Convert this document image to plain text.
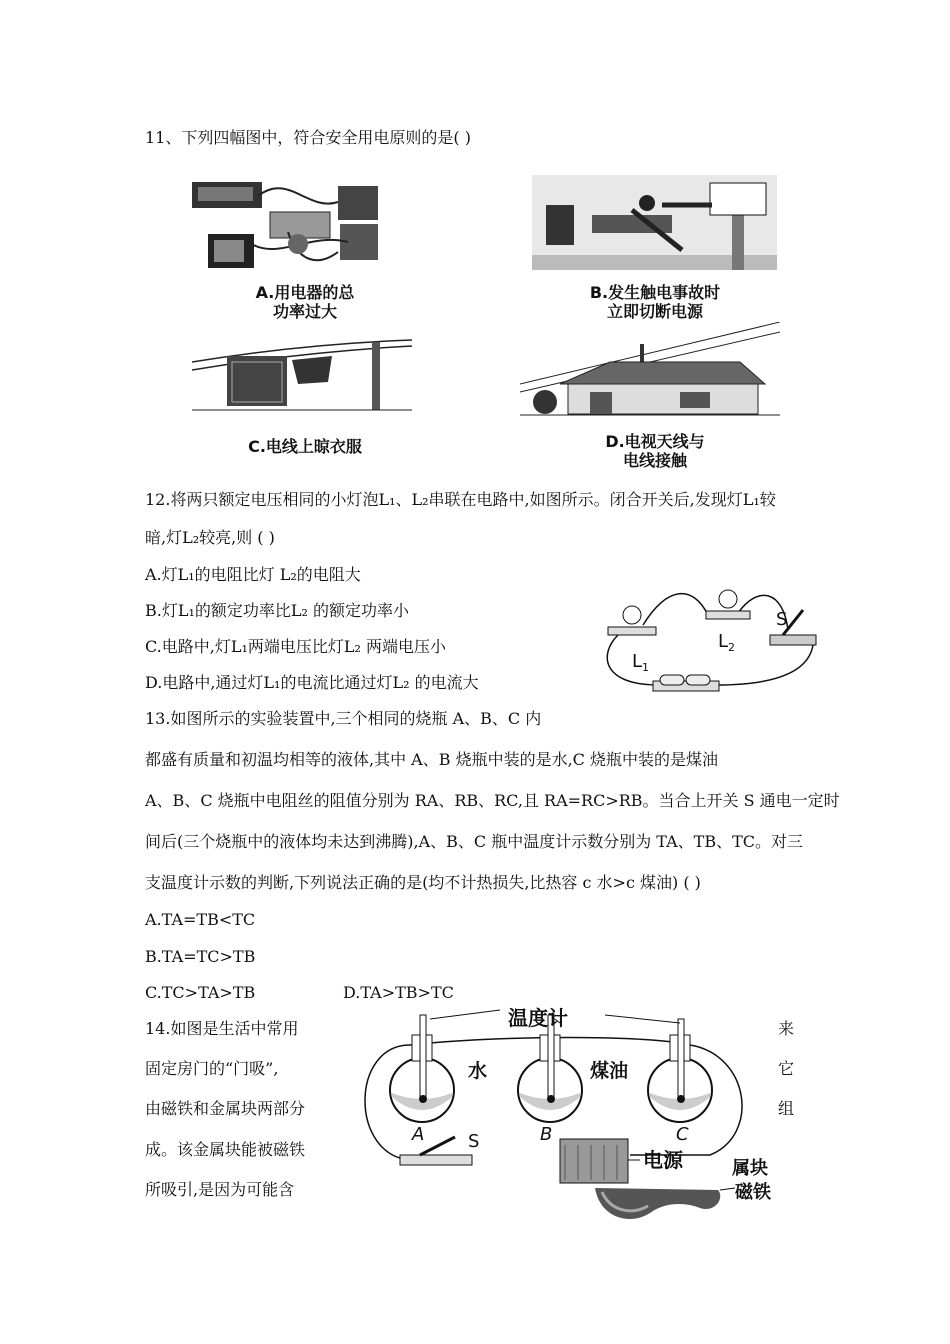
11、下列四幅图中，符合安全用电原则的是( )
A.用电器的总
功率过大
B.发生触电事故时
立即切断电源
C.电线上晾衣服	D.电视天线与
电线接触
12.将两只额定电压相同的小灯泡L₁、L₂串联在电路中,如图所示。闭合开关后,发现灯L₁较
暗,灯L₂较亮,则 ( )
A.灯L₁的电阻比灯 L₂的电阻大
B.灯L₁的额定功率比L₂ 的额定功率小
C.电路中,灯L₁两端电压比灯L₂ 两端电压小
D.电路中,通过灯L₁的电流比通过灯L₂ 的电流大
$L_1$
$L_2$
S
13.如图所示的实验装置中,三个相同的烧瓶 A、B、C 内
都盛有质量和初温均相等的液体,其中 A、B 烧瓶中装的是水,C 烧瓶中装的是煤油
A、B、C 烧瓶中电阻丝的阻值分别为 RA、RB、RC,且 RA=RC>RB。当合上开关 S 通电一定时
间后(三个烧瓶中的液体均未达到沸腾),A、B、C 瓶中温度计示数分别为 TA、TB、TC。对三
支温度计示数的判断,下列说法正确的是(均不计热损失,比热容 c 水>c 煤油) ( )
A.TA=TB<TC
B.TA=TC>TB
C.TC>TA>TB	D.TA>TB>TC
温度计
水	煤油
A	B	C
S
电源
14.如图是生活中常用
固定房门的“门吸”,
由磁铁和金属块两部分
成。该金属块能被磁铁
所吸引,是因为可能含
来
它
组
属块
磁铁
